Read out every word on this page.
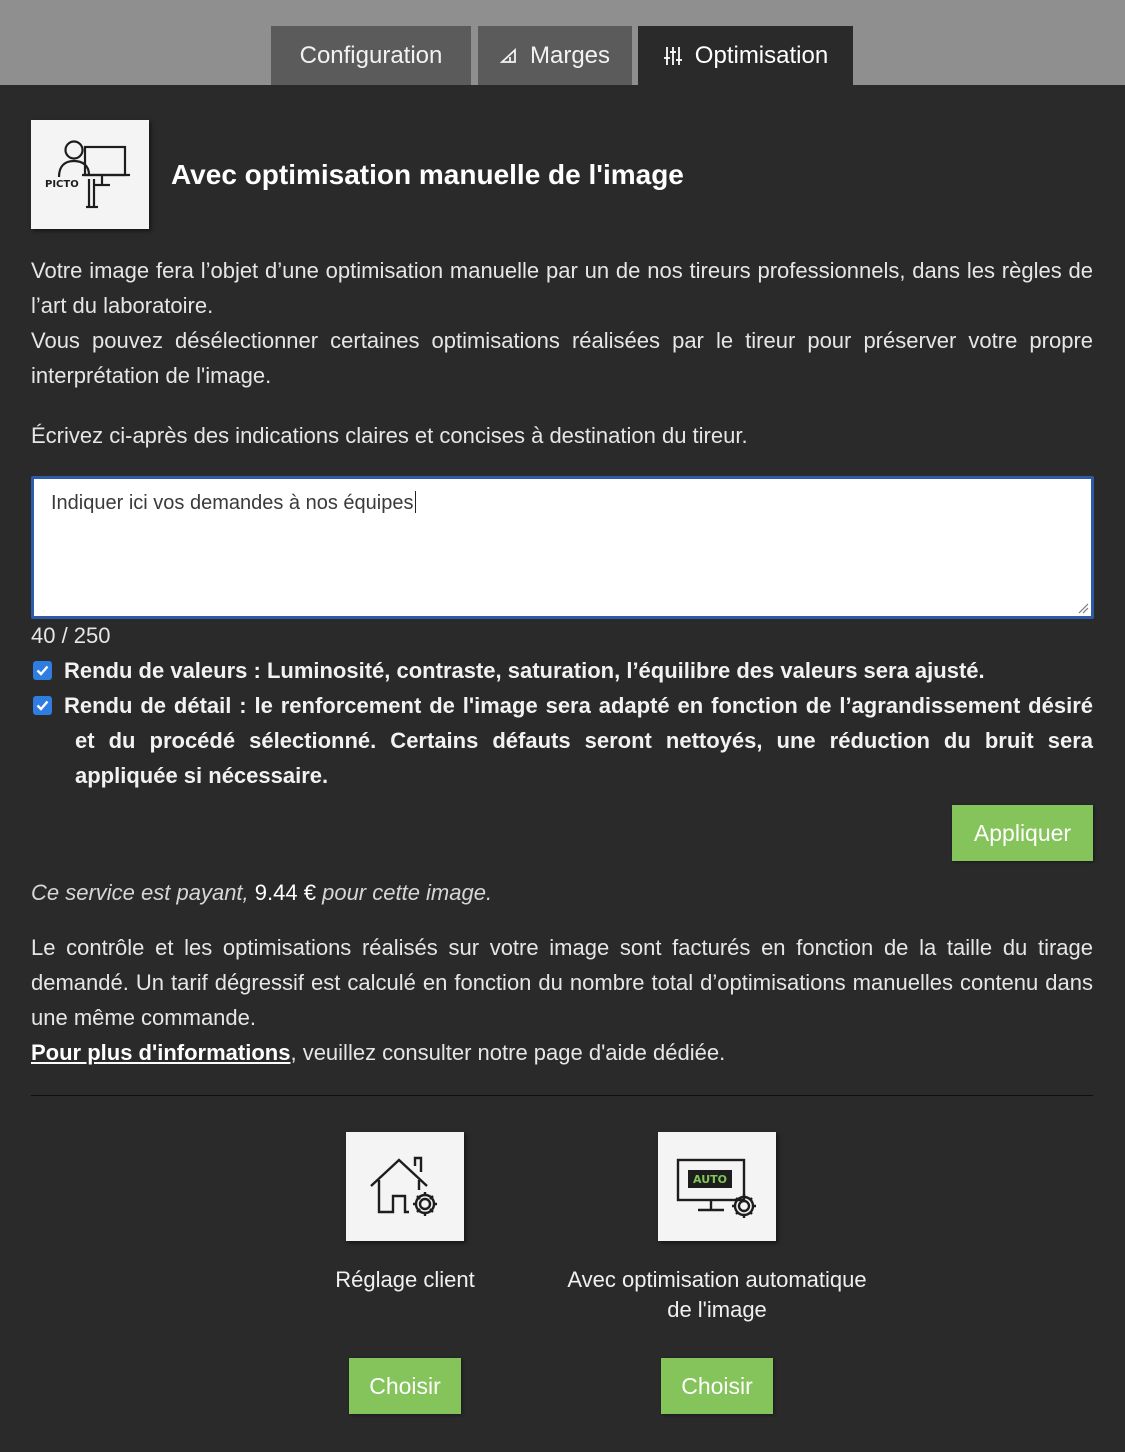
Configuration	Marges	Optimisation
PICTO	Avec optimisation manuelle de l'image
Votre image fera l’objet d’une optimisation manuelle par un de nos tireurs professionnels, dans les règles de l’art du laboratoire.
Vous pouvez désélectionner certaines optimisations réalisées par le tireur pour préserver votre propre interprétation de l'image.
Écrivez ci-après des indications claires et concises à destination du tireur.
Indiquer ici vos demandes à nos équipes
40 / 250
Rendu de valeurs : Luminosité, contraste, saturation, l’équilibre des valeurs sera ajusté.
Rendu de détail : le renforcement de l'image sera adapté en fonction de l’agrandissement désiré et du procédé sélectionné. Certains défauts seront nettoyés, une réduction du bruit sera appliquée si nécessaire.
Appliquer
Ce service est payant, 9.44 € pour cette image.
Le contrôle et les optimisations réalisés sur votre image sont facturés en fonction de la taille du tirage demandé. Un tarif dégressif est calculé en fonction du nombre total d’optimisations manuelles contenu dans une même commande.
Pour plus d'informations, veuillez consulter notre page d'aide dédiée.
Réglage client
Choisir
AUTO
Avec optimisation automatique de l'image
Choisir
